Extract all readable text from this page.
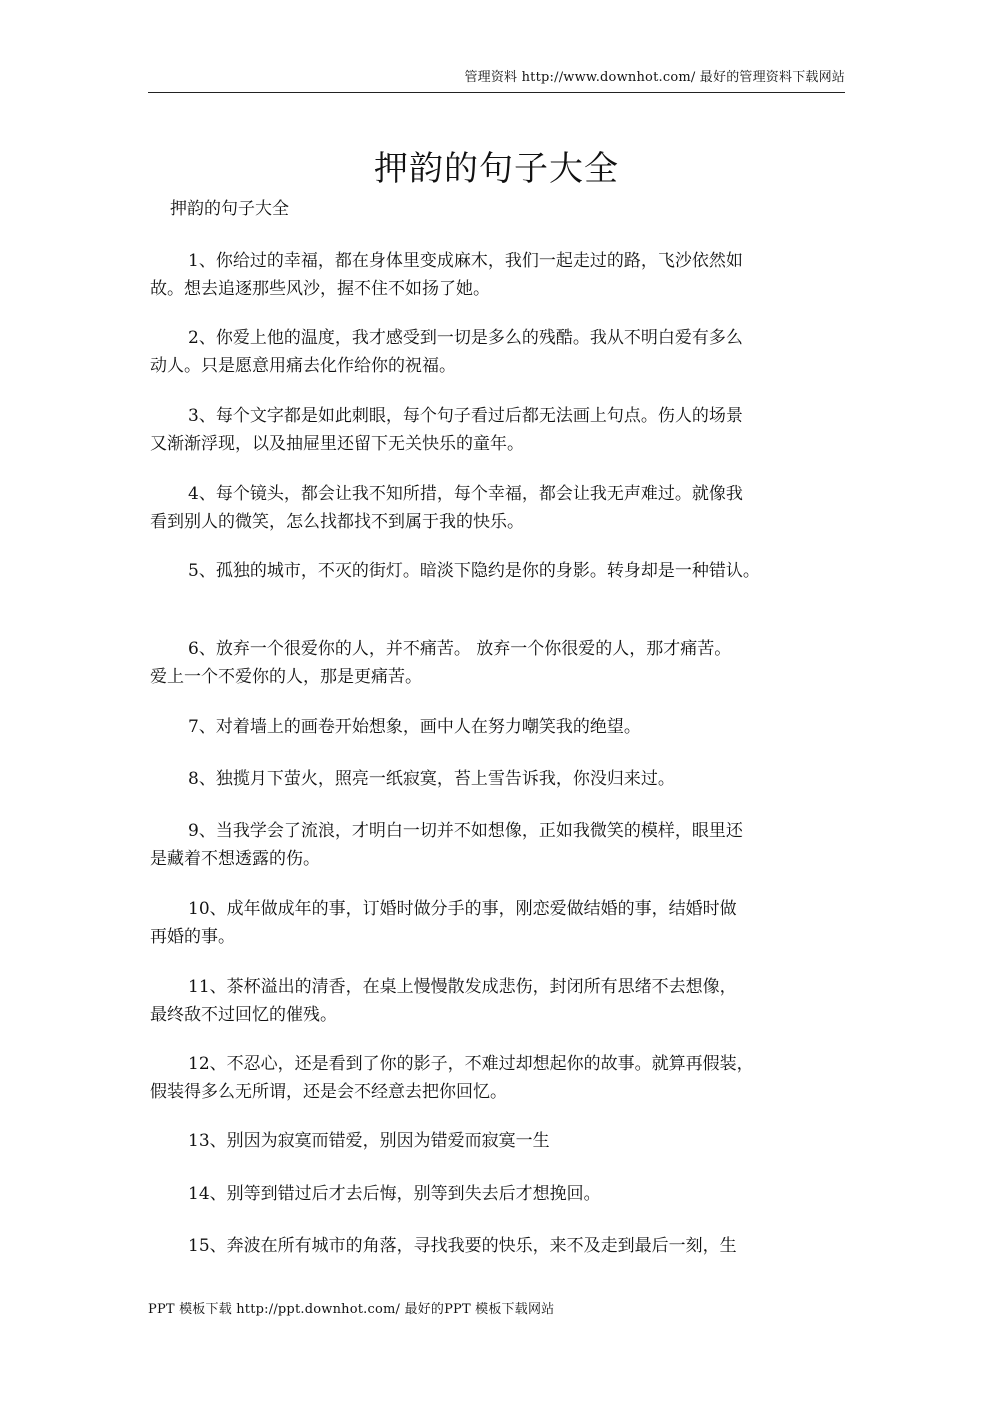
管理资料 http://www.downhot.com/ 最好的管理资料下载网站
押韵的句子大全
押韵的句子大全
1、你给过的幸福，都在身体里变成麻木，我们一起走过的路，飞沙依然如
故。想去追逐那些风沙，握不住不如扬了她。
2、你爱上他的温度，我才感受到一切是多么的残酷。我从不明白爱有多么
动人。只是愿意用痛去化作给你的祝福。
3、每个文字都是如此刺眼，每个句子看过后都无法画上句点。伤人的场景
又渐渐浮现，以及抽屉里还留下无关快乐的童年。
4、每个镜头，都会让我不知所措，每个幸福，都会让我无声难过。就像我
看到别人的微笑，怎么找都找不到属于我的快乐。
5、孤独的城市，不灭的街灯。暗淡下隐约是你的身影。转身却是一种错认。
6、放弃一个很爱你的人，并不痛苦。 放弃一个你很爱的人，那才痛苦。
爱上一个不爱你的人，那是更痛苦。
7、对着墙上的画卷开始想象，画中人在努力嘲笑我的绝望。
8、独揽月下萤火，照亮一纸寂寞，苔上雪告诉我，你没归来过。
9、当我学会了流浪，才明白一切并不如想像，正如我微笑的模样，眼里还
是藏着不想透露的伤。
10、成年做成年的事，订婚时做分手的事，刚恋爱做结婚的事，结婚时做
再婚的事。
11、茶杯溢出的清香，在桌上慢慢散发成悲伤，封闭所有思绪不去想像，
最终敌不过回忆的催残。
12、不忍心，还是看到了你的影子，不难过却想起你的故事。就算再假装，
假装得多么无所谓，还是会不经意去把你回忆。
13、别因为寂寞而错爱，别因为错爱而寂寞一生
14、别等到错过后才去后悔，别等到失去后才想挽回。
15、奔波在所有城市的角落，寻找我要的快乐，来不及走到最后一刻，生
PPT 模板下载 http://ppt.downhot.com/ 最好的PPT 模板下载网站
